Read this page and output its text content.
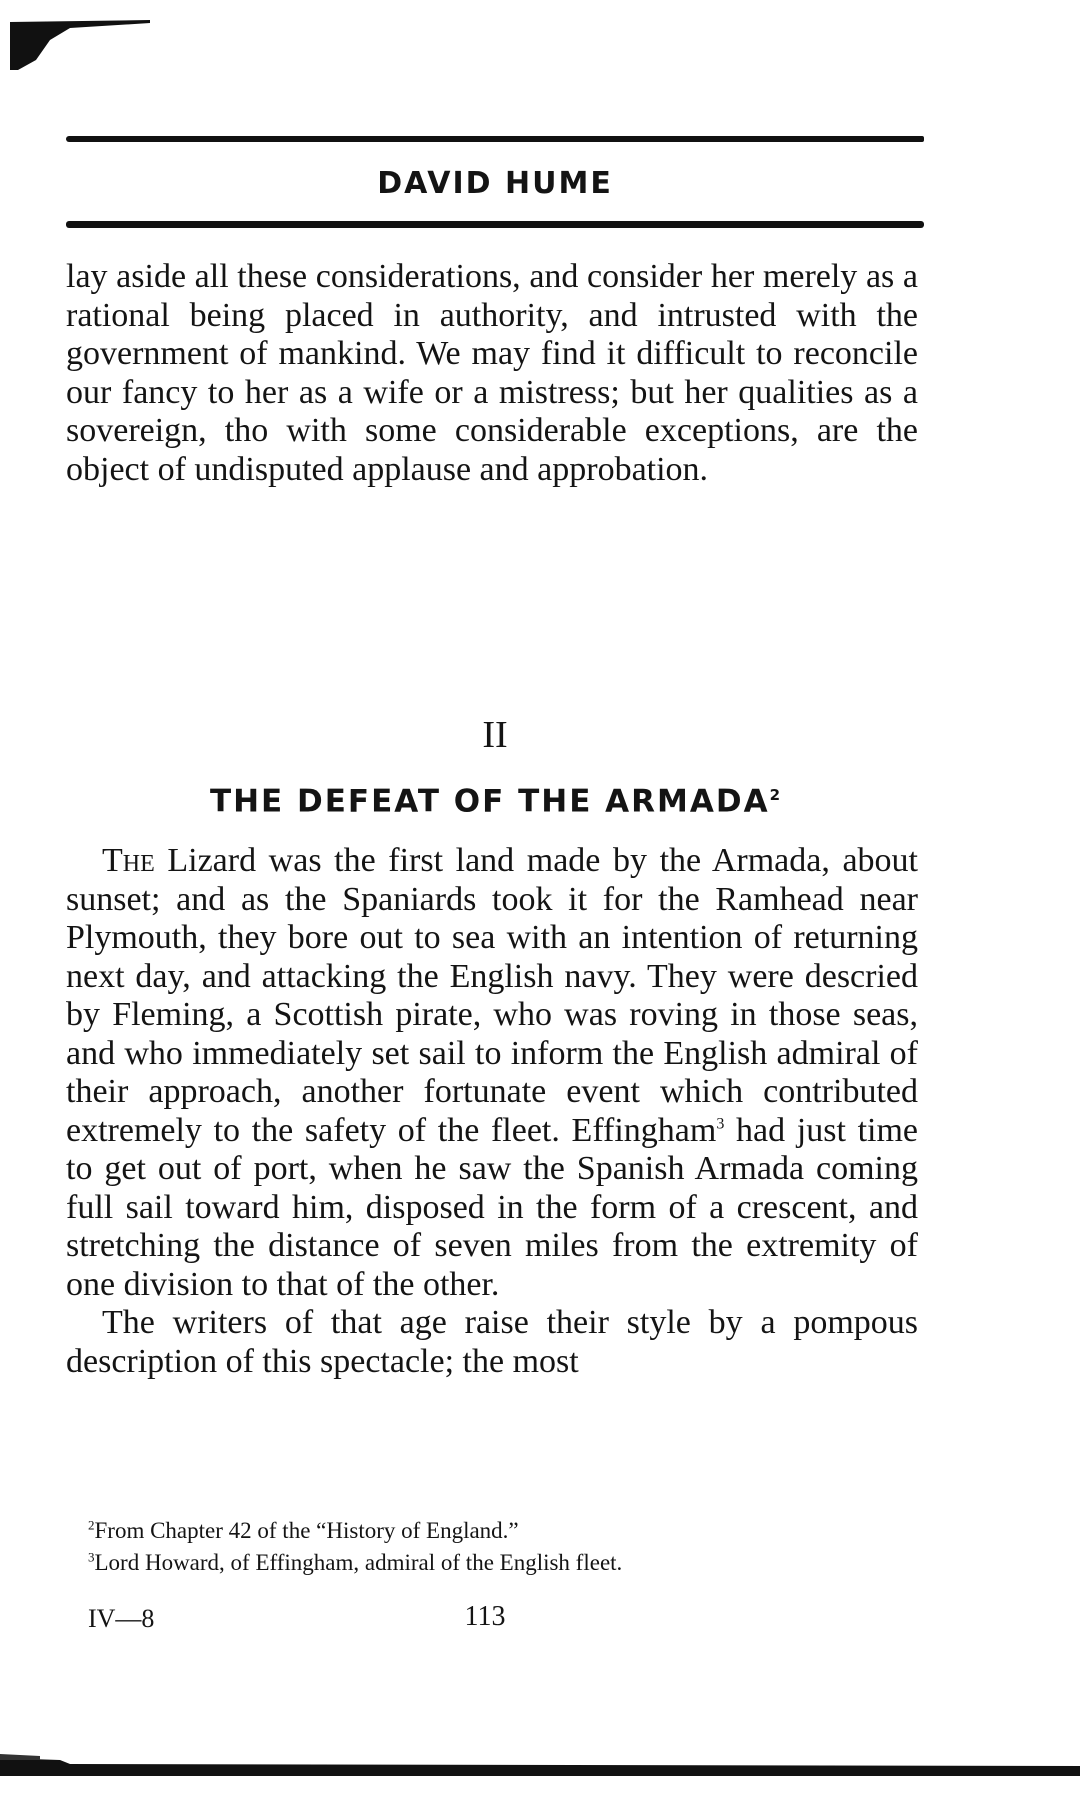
DAVID HUME

lay aside all these considerations, and consider her merely as a rational being placed in authority, and intrusted with the government of mankind. We may find it difficult to reconcile our fancy to her as a wife or a mistress; but her qualities as a sovereign, tho with some considerable exceptions, are the object of undisputed applause and approbation.

II
THE DEFEAT OF THE ARMADA$^2$

The Lizard was the first land made by the Armada, about sunset; and as the Spaniards took it for the Ramhead near Plymouth, they bore out to sea with an intention of returning next day, and attacking the English navy. They were descried by Fleming, a Scottish pirate, who was roving in those seas, and who immediately set sail to inform the English admiral of their approach, another fortunate event which contributed extremely to the safety of the fleet. Effingham$^3$ had just time to get out of port, when he saw the Spanish Armada coming full sail toward him, disposed in the form of a crescent, and stretching the distance of seven miles from the extremity of one division to that of the other.

The writers of that age raise their style by a pompous description of this spectacle; the most

$^2$From Chapter 42 of the “History of England.”
$^3$Lord Howard, of Effingham, admiral of the English fleet.
IV—8	113
